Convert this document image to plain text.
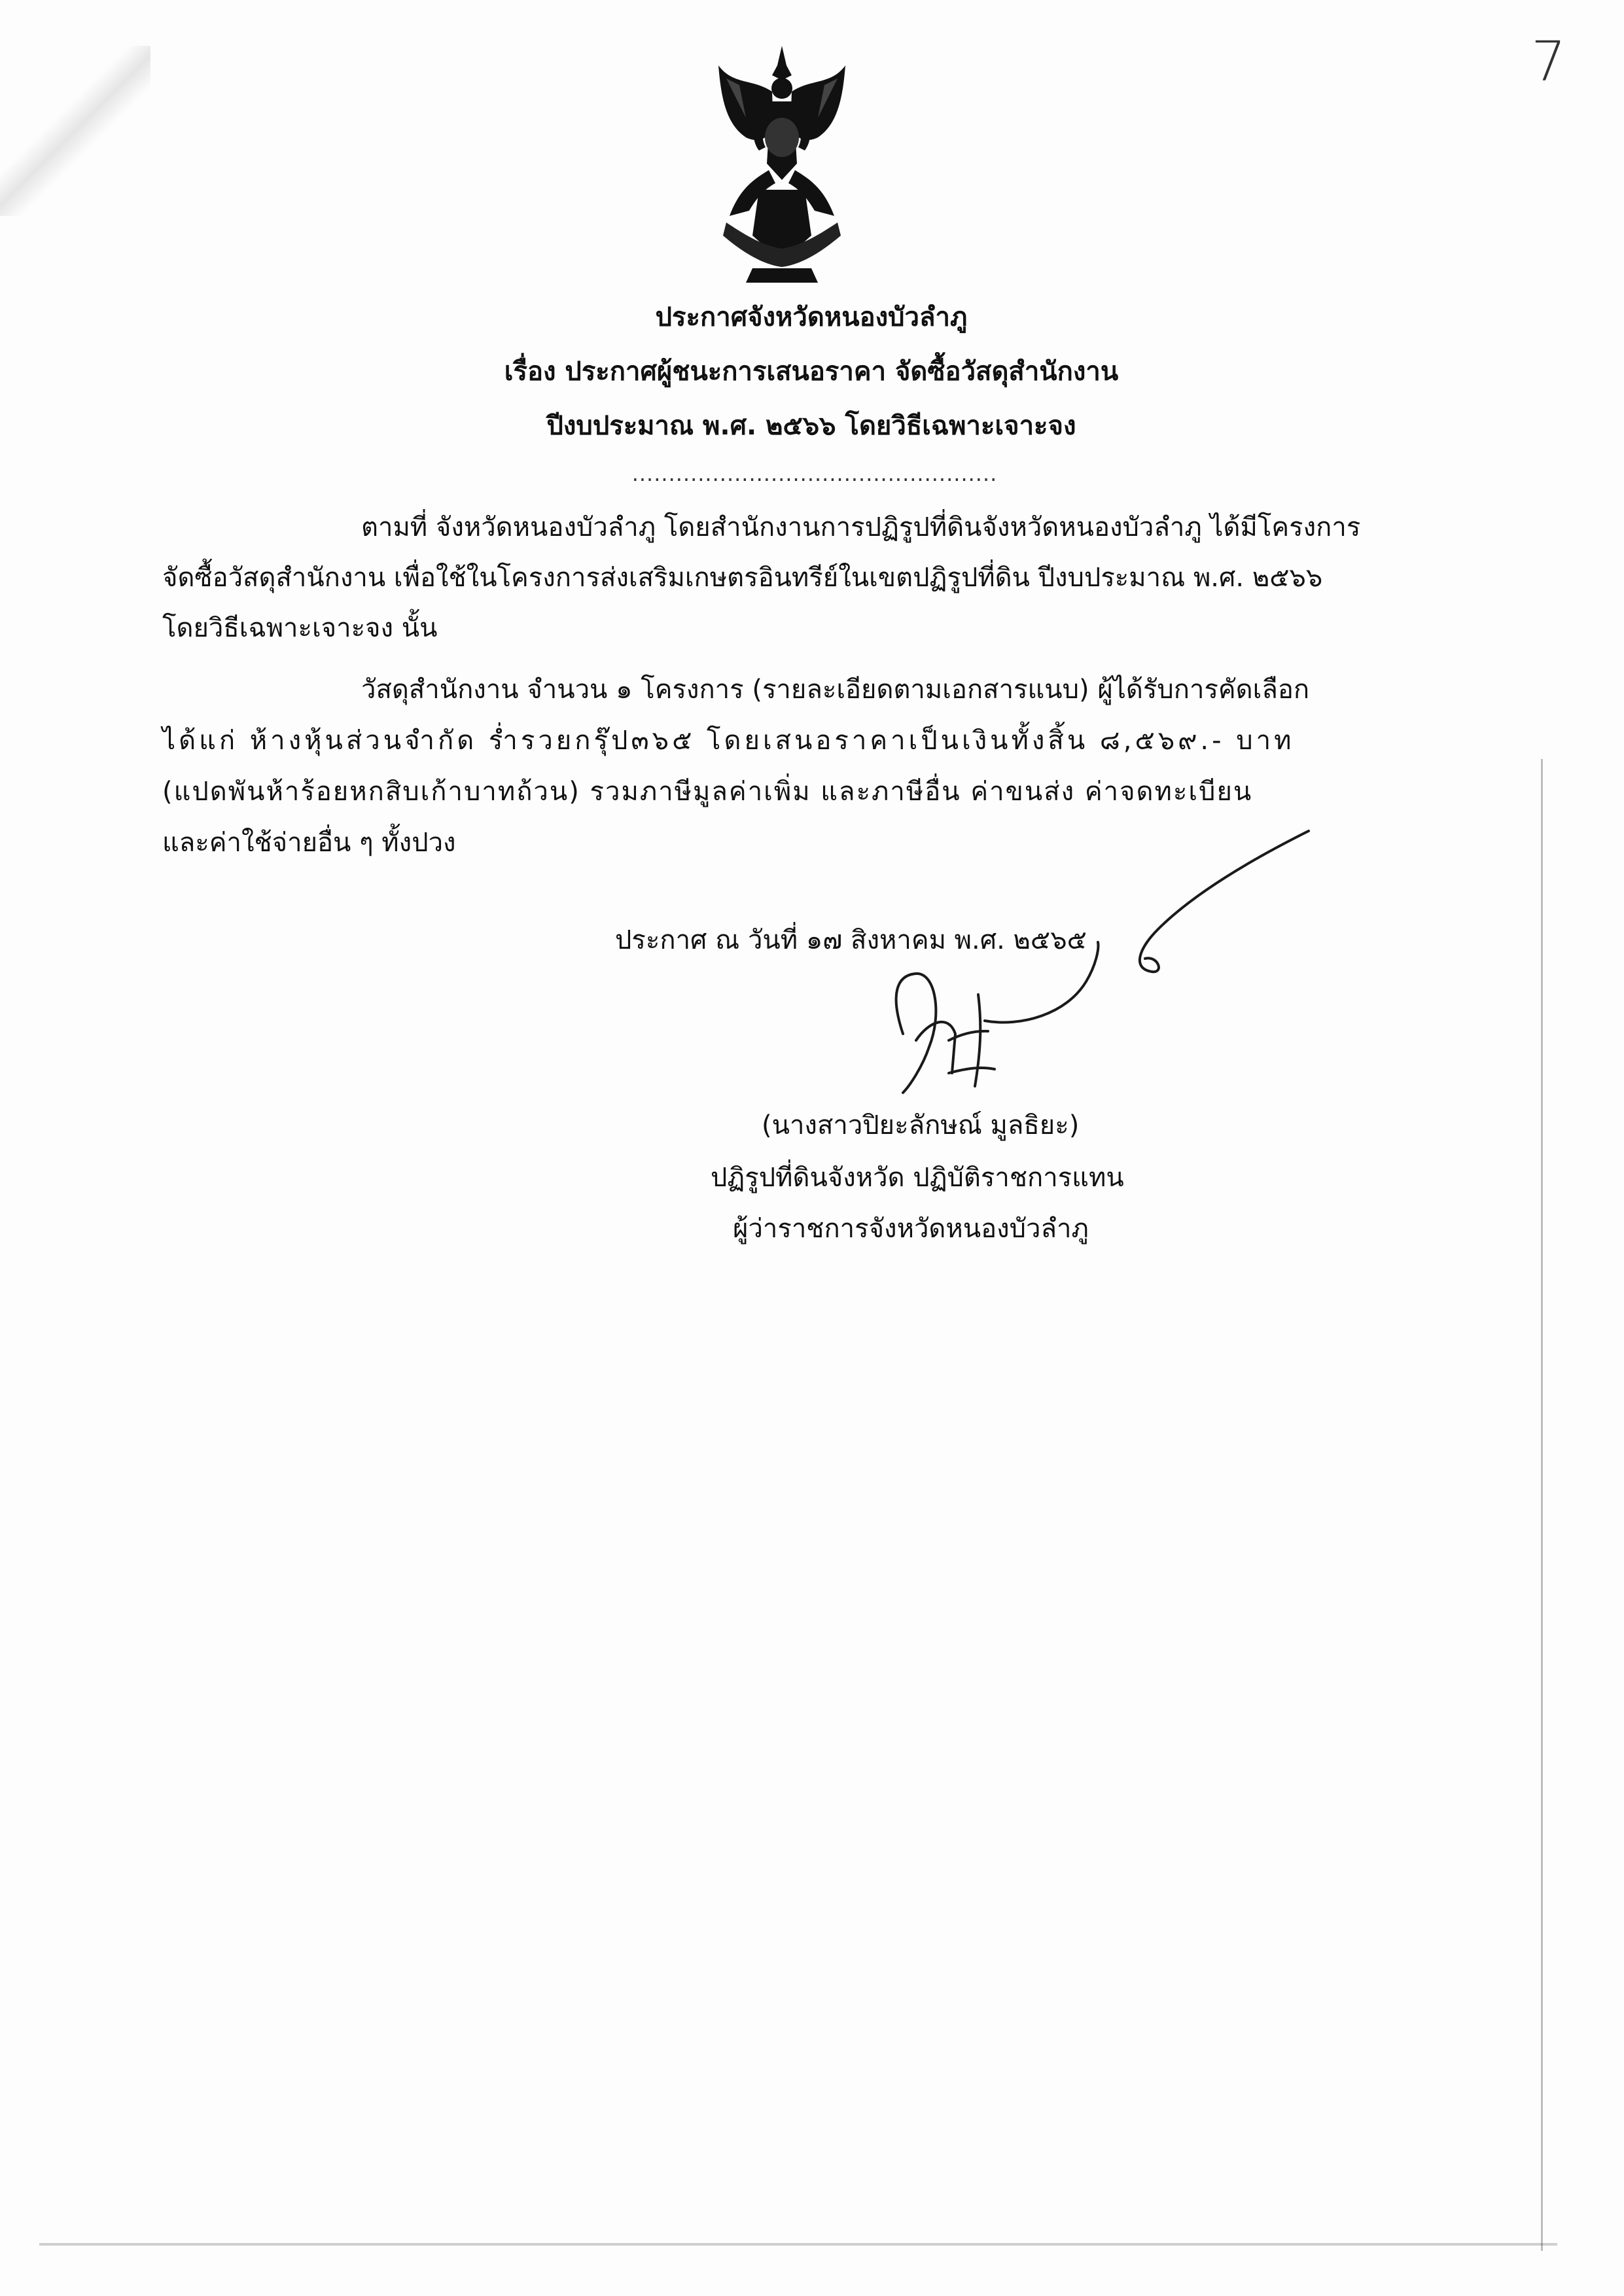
7
ประกาศจังหวัดหนองบัวลำภู
เรื่อง ประกาศผู้ชนะการเสนอราคา จัดซื้อวัสดุสำนักงาน
ปีงบประมาณ พ.ศ. ๒๕๖๖ โดยวิธีเฉพาะเจาะจง
..................................................
ตามที่ จังหวัดหนองบัวลำภู โดยสำนักงานการปฏิรูปที่ดินจังหวัดหนองบัวลำภู ได้มีโครงการ
จัดซื้อวัสดุสำนักงาน เพื่อใช้ในโครงการส่งเสริมเกษตรอินทรีย์ในเขตปฏิรูปที่ดิน ปีงบประมาณ พ.ศ. ๒๕๖๖
โดยวิธีเฉพาะเจาะจง นั้น
วัสดุสำนักงาน จำนวน ๑ โครงการ (รายละเอียดตามเอกสารแนบ) ผู้ได้รับการคัดเลือก
ได้แก่ ห้างหุ้นส่วนจำกัด ร่ำรวยกรุ๊ป๓๖๕ โดยเสนอราคาเป็นเงินทั้งสิ้น ๘,๕๖๙.- บาท
(แปดพันห้าร้อยหกสิบเก้าบาทถ้วน) รวมภาษีมูลค่าเพิ่ม และภาษีอื่น ค่าขนส่ง ค่าจดทะเบียน
และค่าใช้จ่ายอื่น ๆ ทั้งปวง
ประกาศ ณ วันที่ ๑๗ สิงหาคม พ.ศ. ๒๕๖๕
(นางสาวปิยะลักษณ์ มูลธิยะ)
ปฏิรูปที่ดินจังหวัด ปฏิบัติราชการแทน
ผู้ว่าราชการจังหวัดหนองบัวลำภู
